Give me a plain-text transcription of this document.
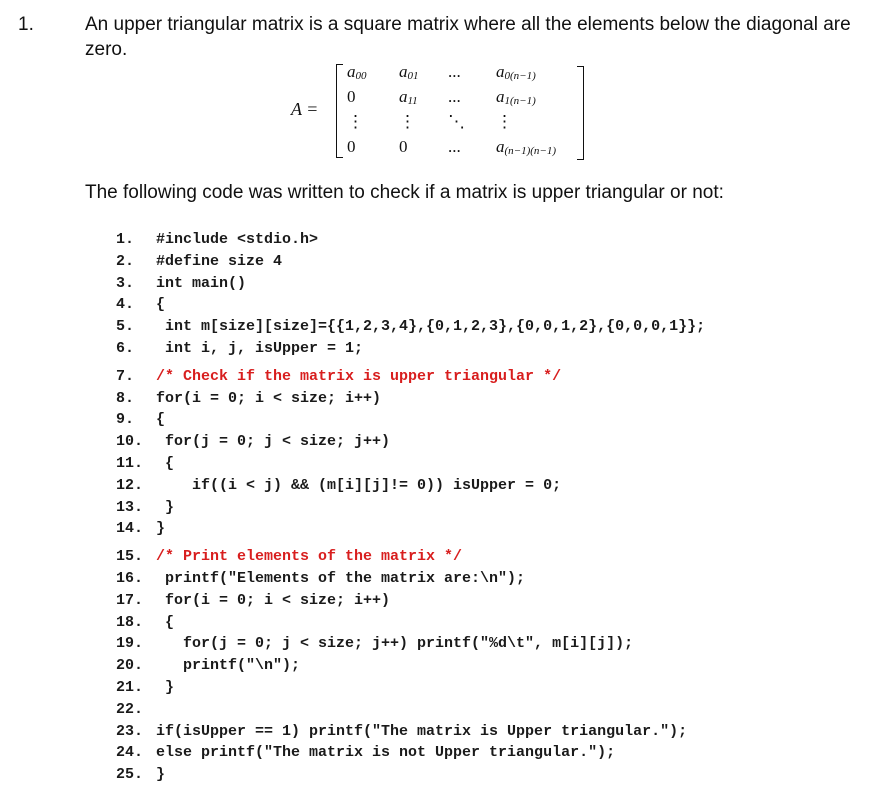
1.	An upper triangular matrix is a square matrix where all the elements below the diagonal are zero.
A =
$a_{00}$ $a_{01}$ ... $a_{0(n-1)}$
0	$a_{11}$ ... $a_{1(n-1)}$
⋮ ⋮ ⋱ ⋮
0	0 ... $a_{(n-1)(n-1)}$
The following code was written to check if a matrix is upper triangular or not:
1. #include <stdio.h>
2. #define size 4
3. int main()
4. {
5. int m[size][size]={{1,2,3,4},{0,1,2,3},{0,0,1,2},{0,0,0,1}};
6. int i, j, isUpper = 1;
7. /* Check if the matrix is upper triangular */
8. for(i = 0; i < size; i++)
9. {
10. for(j = 0; j < size; j++)
11. {
12.    if((i < j) && (m[i][j]!= 0)) isUpper = 0;
13. }
14. }
15. /* Print elements of the matrix */
16. printf("Elements of the matrix are:\n");
17. for(i = 0; i < size; i++)
18. {
19.   for(j = 0; j < size; j++) printf("%d\t", m[i][j]);
20.   printf("\n");
21. }
22.
23. if(isUpper == 1) printf("The matrix is Upper triangular.");
24. else printf("The matrix is not Upper triangular.");
25. }
